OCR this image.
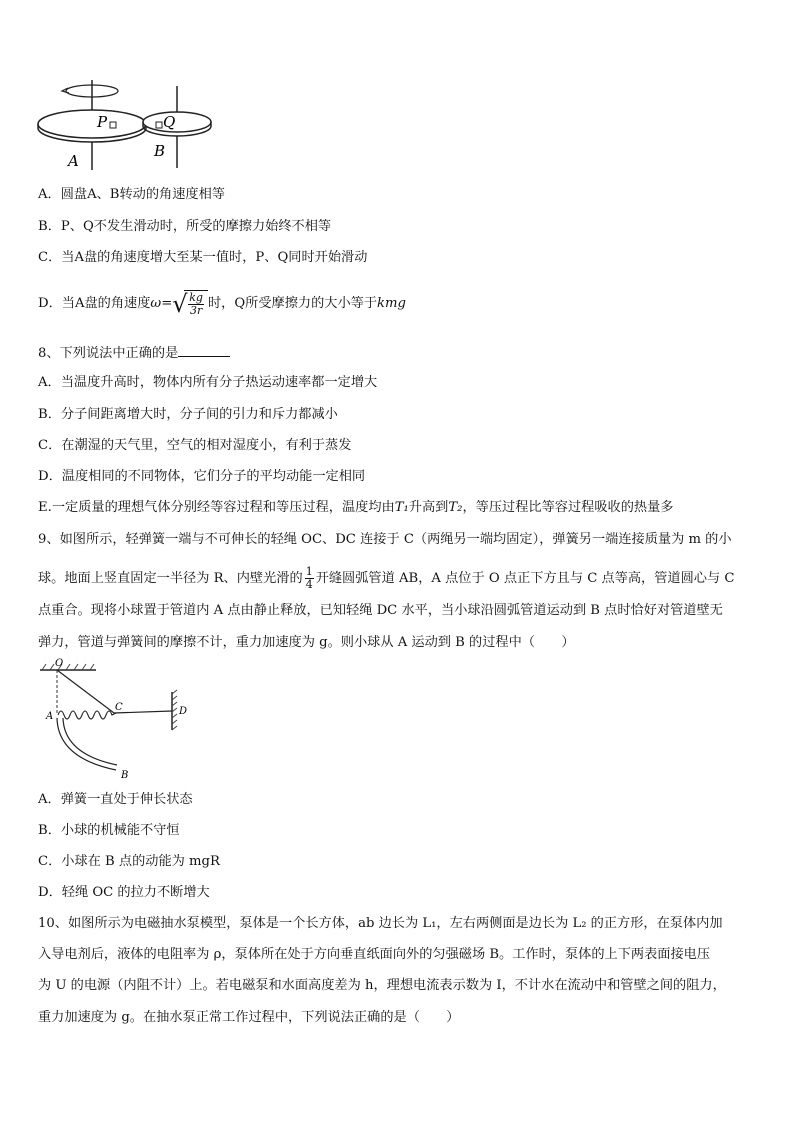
P	Q
A
B
A．圆盘A、B转动的角速度相等
B．P、Q不发生滑动时，所受的摩擦力始终不相等
C．当A盘的角速度增大至某一值时，P、Q同时开始滑动
D．当A盘的角速度ω= √ $\frac{kg}{3r}$ 时，Q所受摩擦力的大小等于kmg
8、下列说法中正确的是
A．当温度升高时，物体内所有分子热运动速率都一定增大
B．分子间距离增大时，分子间的引力和斥力都减小
C．在潮湿的天气里，空气的相对湿度小，有利于蒸发
D．温度相同的不同物体，它们分子的平均动能一定相同
E.一定质量的理想气体分别经等容过程和等压过程，温度均由T₁升高到T₂，等压过程比等容过程吸收的热量多
9、如图所示，轻弹簧一端与不可伸长的轻绳 OC、DC 连接于 C（两绳另一端均固定），弹簧另一端连接质量为 m 的小
球。地面上竖直固定一半径为 R、内壁光滑的 $\frac{1}{4}$ 开缝圆弧管道 AB，A 点位于 O 点正下方且与 C 点等高，管道圆心与 C
点重合。现将小球置于管道内 A 点由静止释放，已知轻绳 DC 水平，当小球沿圆弧管道运动到 B 点时恰好对管道壁无
弹力，管道与弹簧间的摩擦不计，重力加速度为 g。则小球从 A 运动到 B 的过程中（　　）
O
C	D
A
B
A．弹簧一直处于伸长状态
B．小球的机械能不守恒
C．小球在 B 点的动能为 mgR
D．轻绳 OC 的拉力不断增大
10、如图所示为电磁抽水泵模型，泵体是一个长方体，ab 边长为 L₁，左右两侧面是边长为 L₂ 的正方形，在泵体内加
入导电剂后，液体的电阻率为 ρ，泵体所在处于方向垂直纸面向外的匀强磁场 B。工作时，泵体的上下两表面接电压
为 U 的电源（内阻不计）上。若电磁泵和水面高度差为 h，理想电流表示数为 I，不计水在流动中和管壁之间的阻力，
重力加速度为 g。在抽水泵正常工作过程中，下列说法正确的是（　　）
